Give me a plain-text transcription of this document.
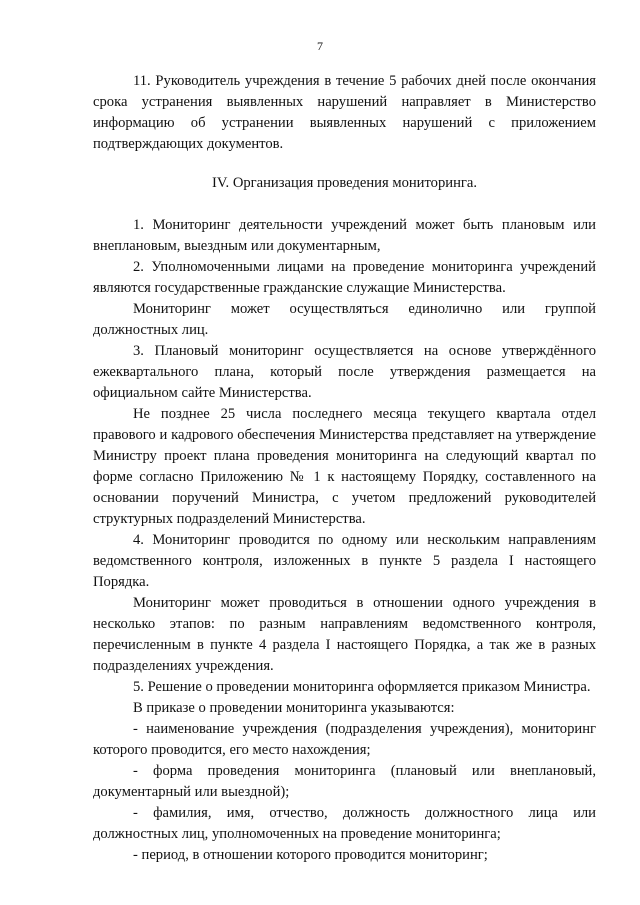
7

11. Руководитель учреждения в течение 5 рабочих дней после окончания срока устранения выявленных нарушений направляет в Министерство информацию об устранении выявленных нарушений с приложением подтверждающих документов.

IV. Организация проведения мониторинга.

1. Мониторинг деятельности учреждений может быть плановым или внеплановым, выездным или документарным,

2. Уполномоченными лицами на проведение мониторинга учреждений являются государственные гражданские служащие Министерства.

Мониторинг может осуществляться единолично или группой должностных лиц.

3. Плановый мониторинг осуществляется на основе утверждённого ежеквартального плана, который после утверждения размещается на официальном сайте Министерства.

Не позднее 25 числа последнего месяца текущего квартала отдел правового и кадрового обеспечения Министерства представляет на утверждение Министру проект плана проведения мониторинга на следующий квартал по форме согласно Приложению № 1 к настоящему Порядку, составленного на основании поручений Министра, с учетом предложений руководителей структурных подразделений Министерства.

4. Мониторинг проводится по одному или нескольким направлениям ведомственного контроля, изложенных в пункте 5 раздела I настоящего Порядка.

Мониторинг может проводиться в отношении одного учреждения в несколько этапов: по разным направлениям ведомственного контроля, перечисленным в пункте 4 раздела I настоящего Порядка, а так же в разных подразделениях учреждения.

5. Решение о проведении мониторинга оформляется приказом Министра.

В приказе о проведении мониторинга указываются:

- наименование учреждения (подразделения учреждения), мониторинг которого проводится, его место нахождения;

- форма проведения мониторинга (плановый или внеплановый, документарный или выездной);

- фамилия, имя, отчество, должность должностного лица или должностных лиц, уполномоченных на проведение мониторинга;

- период, в отношении которого проводится мониторинг;
